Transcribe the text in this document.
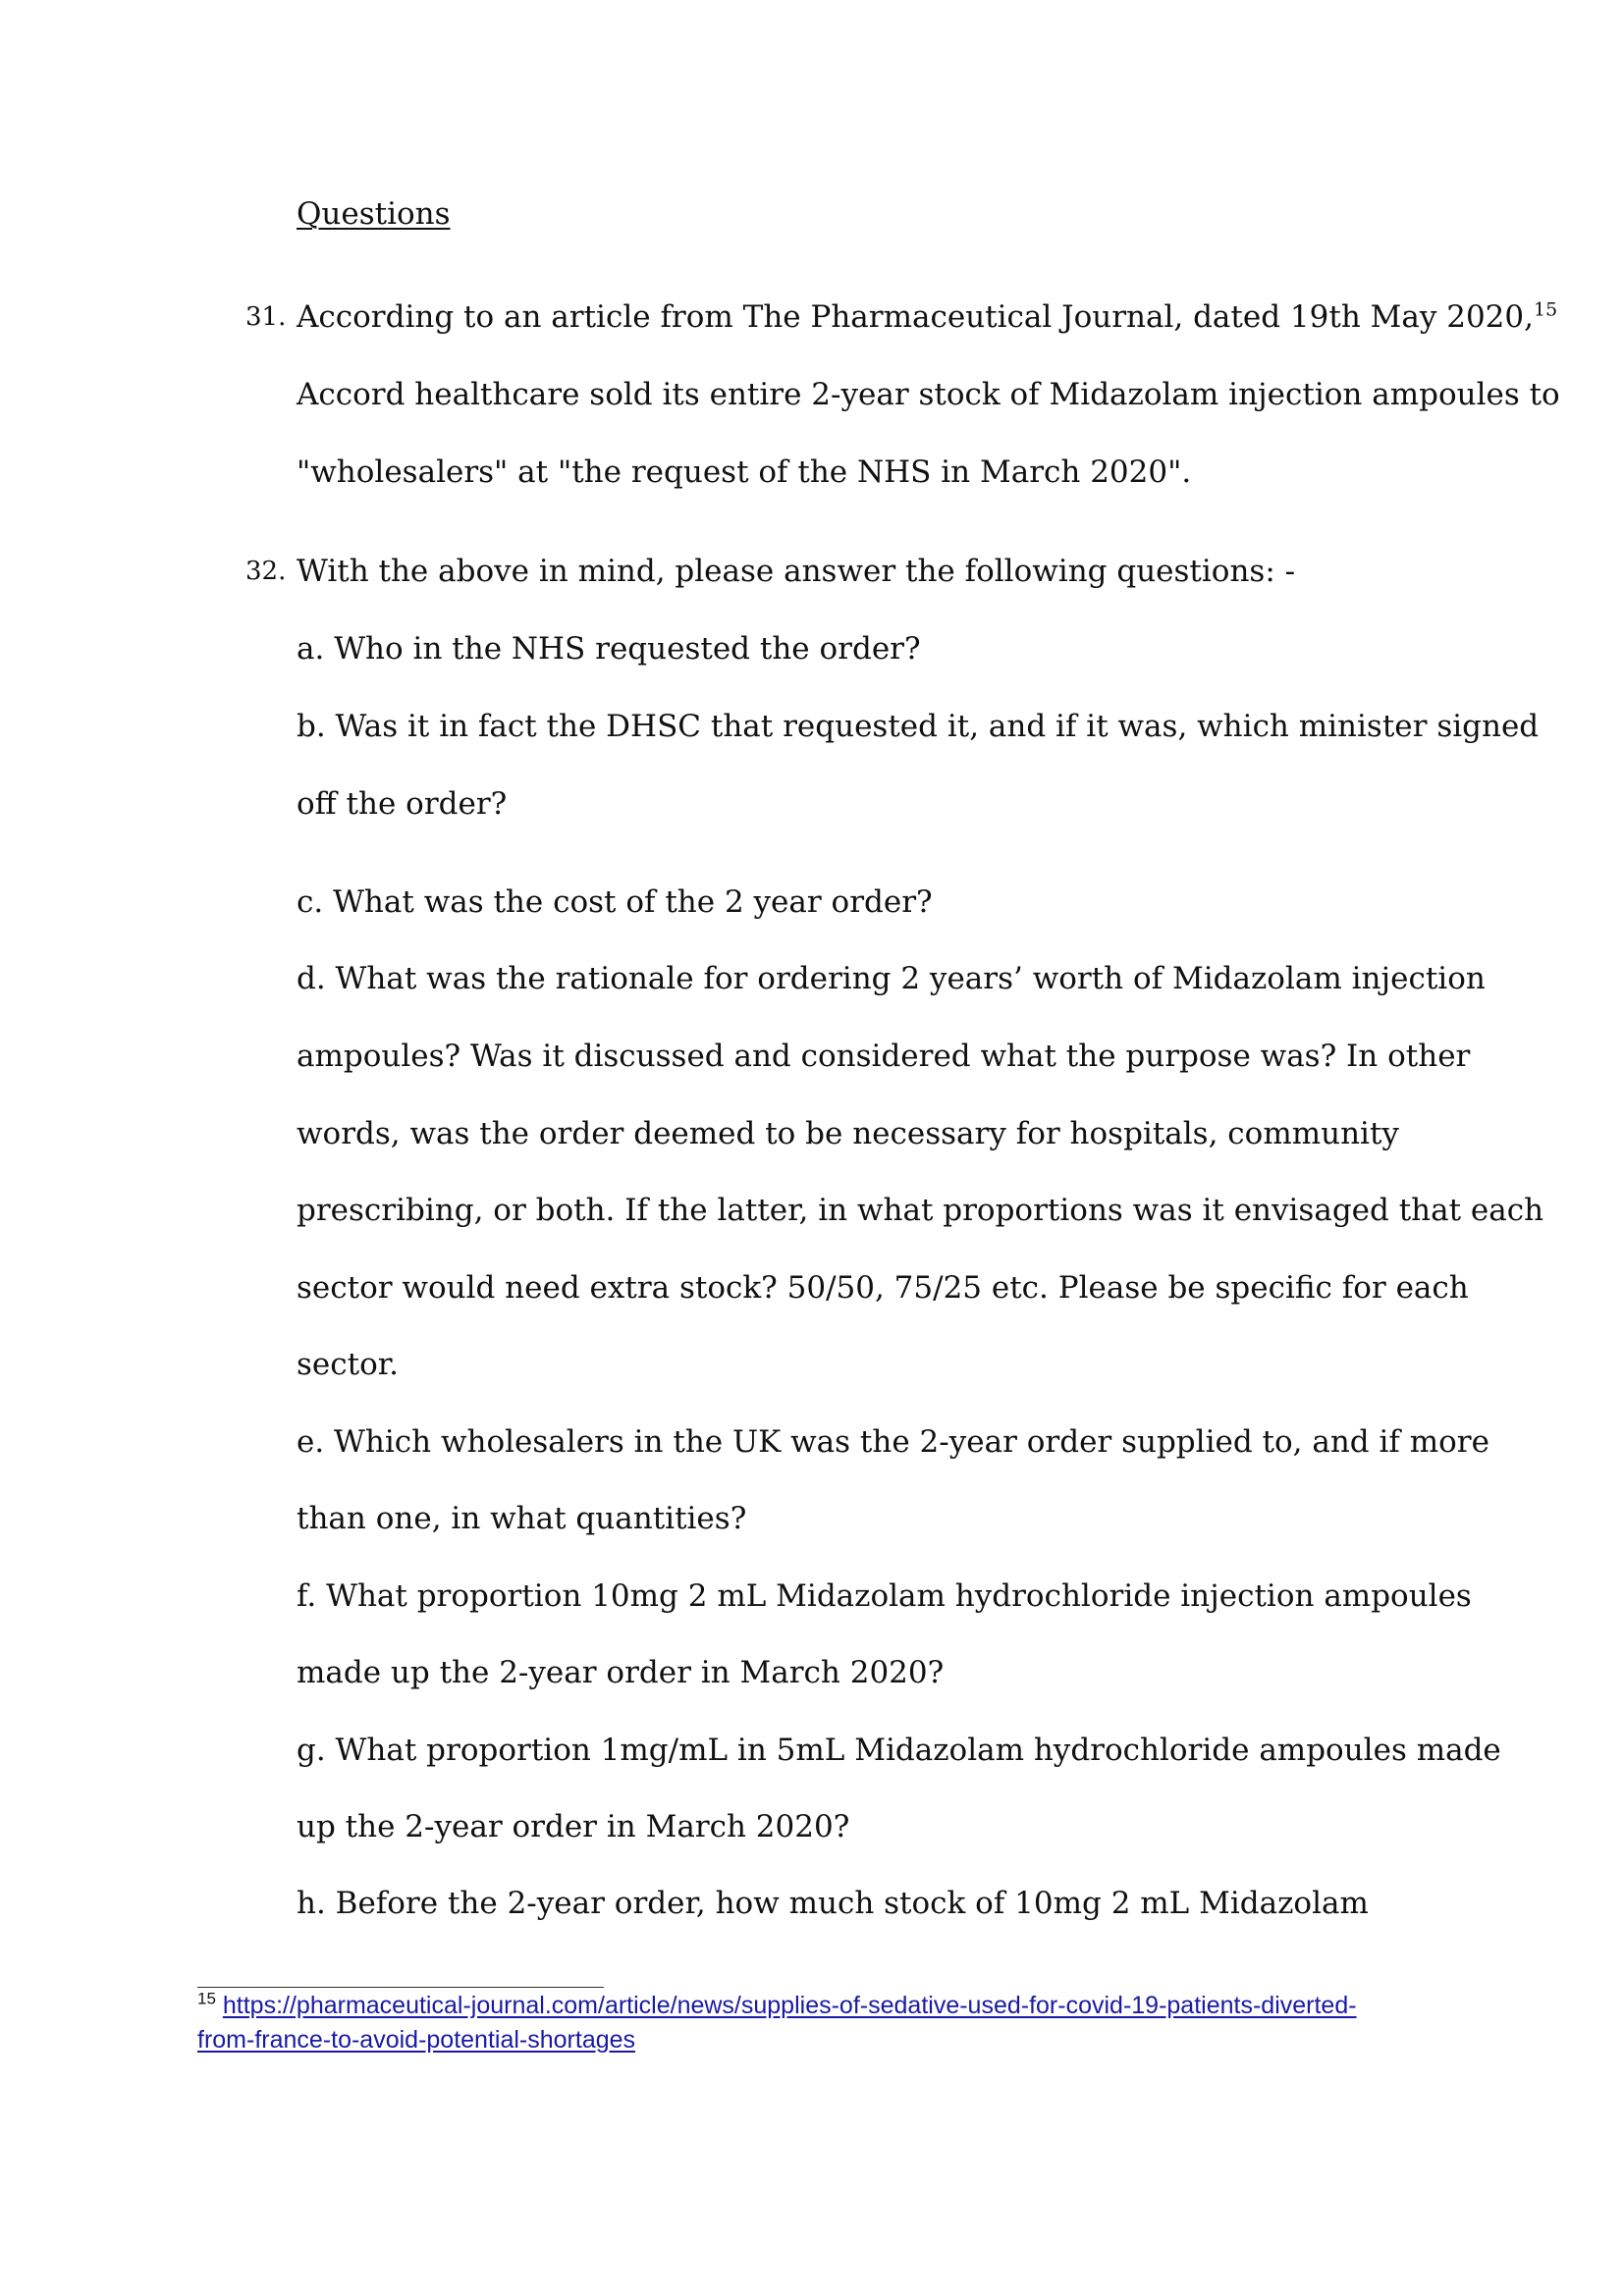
Questions
31. According to an article from The Pharmaceutical Journal, dated 19th May 2020,15
Accord healthcare sold its entire 2-year stock of Midazolam injection ampoules to
"wholesalers" at "the request of the NHS in March 2020".
32. With the above in mind, please answer the following questions: -
a. Who in the NHS requested the order?
b. Was it in fact the DHSC that requested it, and if it was, which minister signed
off the order?
c. What was the cost of the 2 year order?
d. What was the rationale for ordering 2 years’ worth of Midazolam injection
ampoules? Was it discussed and considered what the purpose was? In other
words, was the order deemed to be necessary for hospitals, community
prescribing, or both. If the latter, in what proportions was it envisaged that each
sector would need extra stock? 50/50, 75/25 etc. Please be specific for each
sector.
e. Which wholesalers in the UK was the 2-year order supplied to, and if more
than one, in what quantities?
f. What proportion 10mg 2 mL Midazolam hydrochloride injection ampoules
made up the 2-year order in March 2020?
g. What proportion 1mg/mL in 5mL Midazolam hydrochloride ampoules made
up the 2-year order in March 2020?
h. Before the 2-year order, how much stock of 10mg 2 mL Midazolam
$^{15}$ https://pharmaceutical-journal.com/article/news/supplies-of-sedative-used-for-covid-19-patients-diverted-
from-france-to-avoid-potential-shortages
